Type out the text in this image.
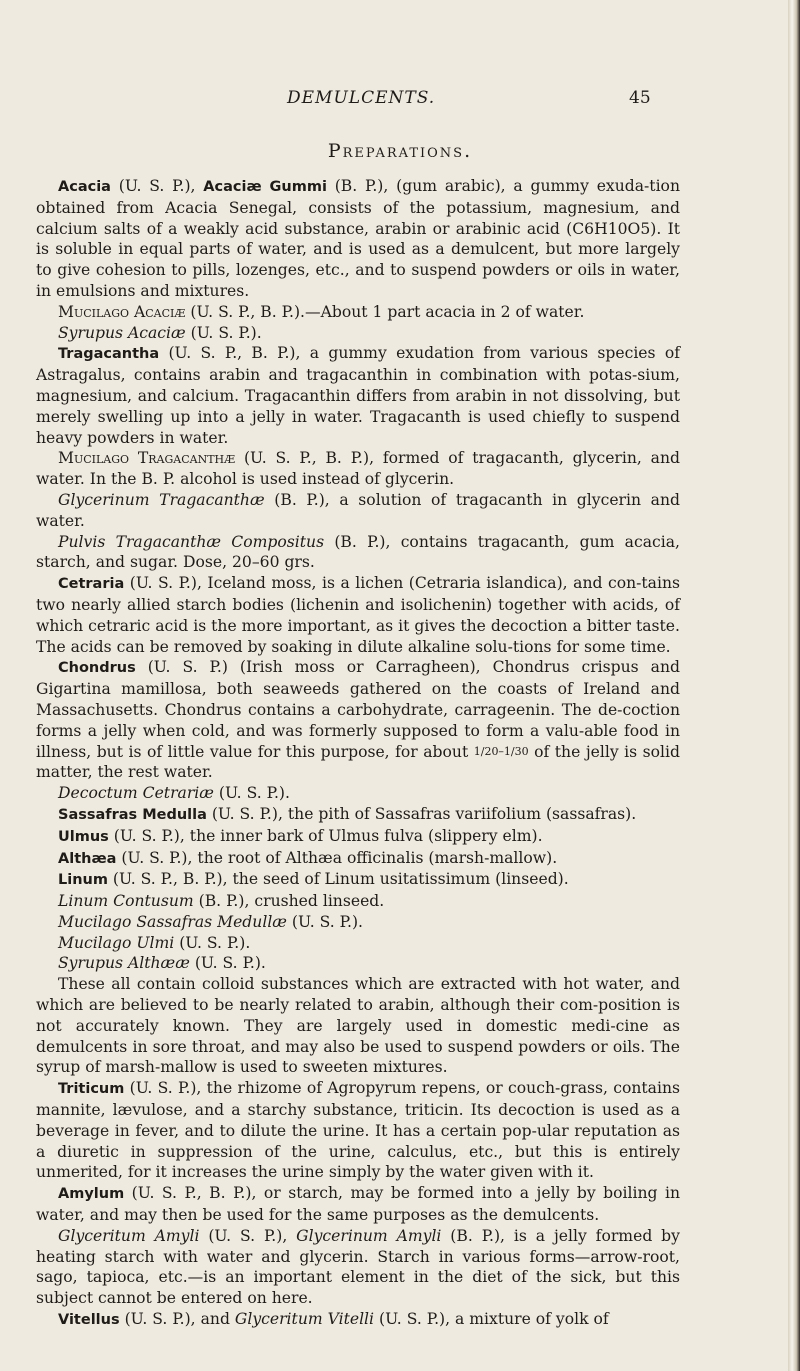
DEMULCENTS.	45
Preparations.

Acacia (U. S. P.), Acaciæ Gummi (B. P.), (gum arabic), a gummy exuda-tion obtained from Acacia Senegal, consists of the potassium, magnesium, and calcium salts of a weakly acid substance, arabin or arabinic acid (C6H10O5). It is soluble in equal parts of water, and is used as a demulcent, but more largely to give cohesion to pills, lozenges, etc., and to suspend powders or oils in water, in emulsions and mixtures.

Mucilago Acaciæ (U. S. P., B. P.).—About 1 part acacia in 2 of water.

Syrupus Acaciæ (U. S. P.).

Tragacantha (U. S. P., B. P.), a gummy exudation from various species of Astragalus, contains arabin and tragacanthin in combination with potas-sium, magnesium, and calcium. Tragacanthin differs from arabin in not dissolving, but merely swelling up into a jelly in water. Tragacanth is used chiefly to suspend heavy powders in water.

Mucilago Tragacanthæ (U. S. P., B. P.), formed of tragacanth, glycerin, and water. In the B. P. alcohol is used instead of glycerin.

Glycerinum Tragacanthæ (B. P.), a solution of tragacanth in glycerin and water.

Pulvis Tragacanthæ Compositus (B. P.), contains tragacanth, gum acacia, starch, and sugar. Dose, 20–60 grs.

Cetraria (U. S. P.), Iceland moss, is a lichen (Cetraria islandica), and con-tains two nearly allied starch bodies (lichenin and isolichenin) together with acids, of which cetraric acid is the more important, as it gives the decoction a bitter taste. The acids can be removed by soaking in dilute alkaline solu-tions for some time.

Chondrus (U. S. P.) (Irish moss or Carragheen), Chondrus crispus and Gigartina mamillosa, both seaweeds gathered on the coasts of Ireland and Massachusetts. Chondrus contains a carbohydrate, carrageenin. The de-coction forms a jelly when cold, and was formerly supposed to form a valu-able food in illness, but is of little value for this purpose, for about 1/20–1/30 of the jelly is solid matter, the rest water.

Decoctum Cetrariæ (U. S. P.).

Sassafras Medulla (U. S. P.), the pith of Sassafras variifolium (sassafras).

Ulmus (U. S. P.), the inner bark of Ulmus fulva (slippery elm).

Althæa (U. S. P.), the root of Althæa officinalis (marsh-mallow).

Linum (U. S. P., B. P.), the seed of Linum usitatissimum (linseed).

Linum Contusum (B. P.), crushed linseed.

Mucilago Sassafras Medullæ (U. S. P.).

Mucilago Ulmi (U. S. P.).

Syrupus Althææ (U. S. P.).

These all contain colloid substances which are extracted with hot water, and which are believed to be nearly related to arabin, although their com-position is not accurately known. They are largely used in domestic medi-cine as demulcents in sore throat, and may also be used to suspend powders or oils. The syrup of marsh-mallow is used to sweeten mixtures.

Triticum (U. S. P.), the rhizome of Agropyrum repens, or couch-grass, contains mannite, lævulose, and a starchy substance, triticin. Its decoction is used as a beverage in fever, and to dilute the urine. It has a certain pop-ular reputation as a diuretic in suppression of the urine, calculus, etc., but this is entirely unmerited, for it increases the urine simply by the water given with it.

Amylum (U. S. P., B. P.), or starch, may be formed into a jelly by boiling in water, and may then be used for the same purposes as the demulcents.

Glyceritum Amyli (U. S. P.), Glycerinum Amyli (B. P.), is a jelly formed by heating starch with water and glycerin. Starch in various forms—arrow-root, sago, tapioca, etc.—is an important element in the diet of the sick, but this subject cannot be entered on here.

Vitellus (U. S. P.), and Glyceritum Vitelli (U. S. P.), a mixture of yolk of
